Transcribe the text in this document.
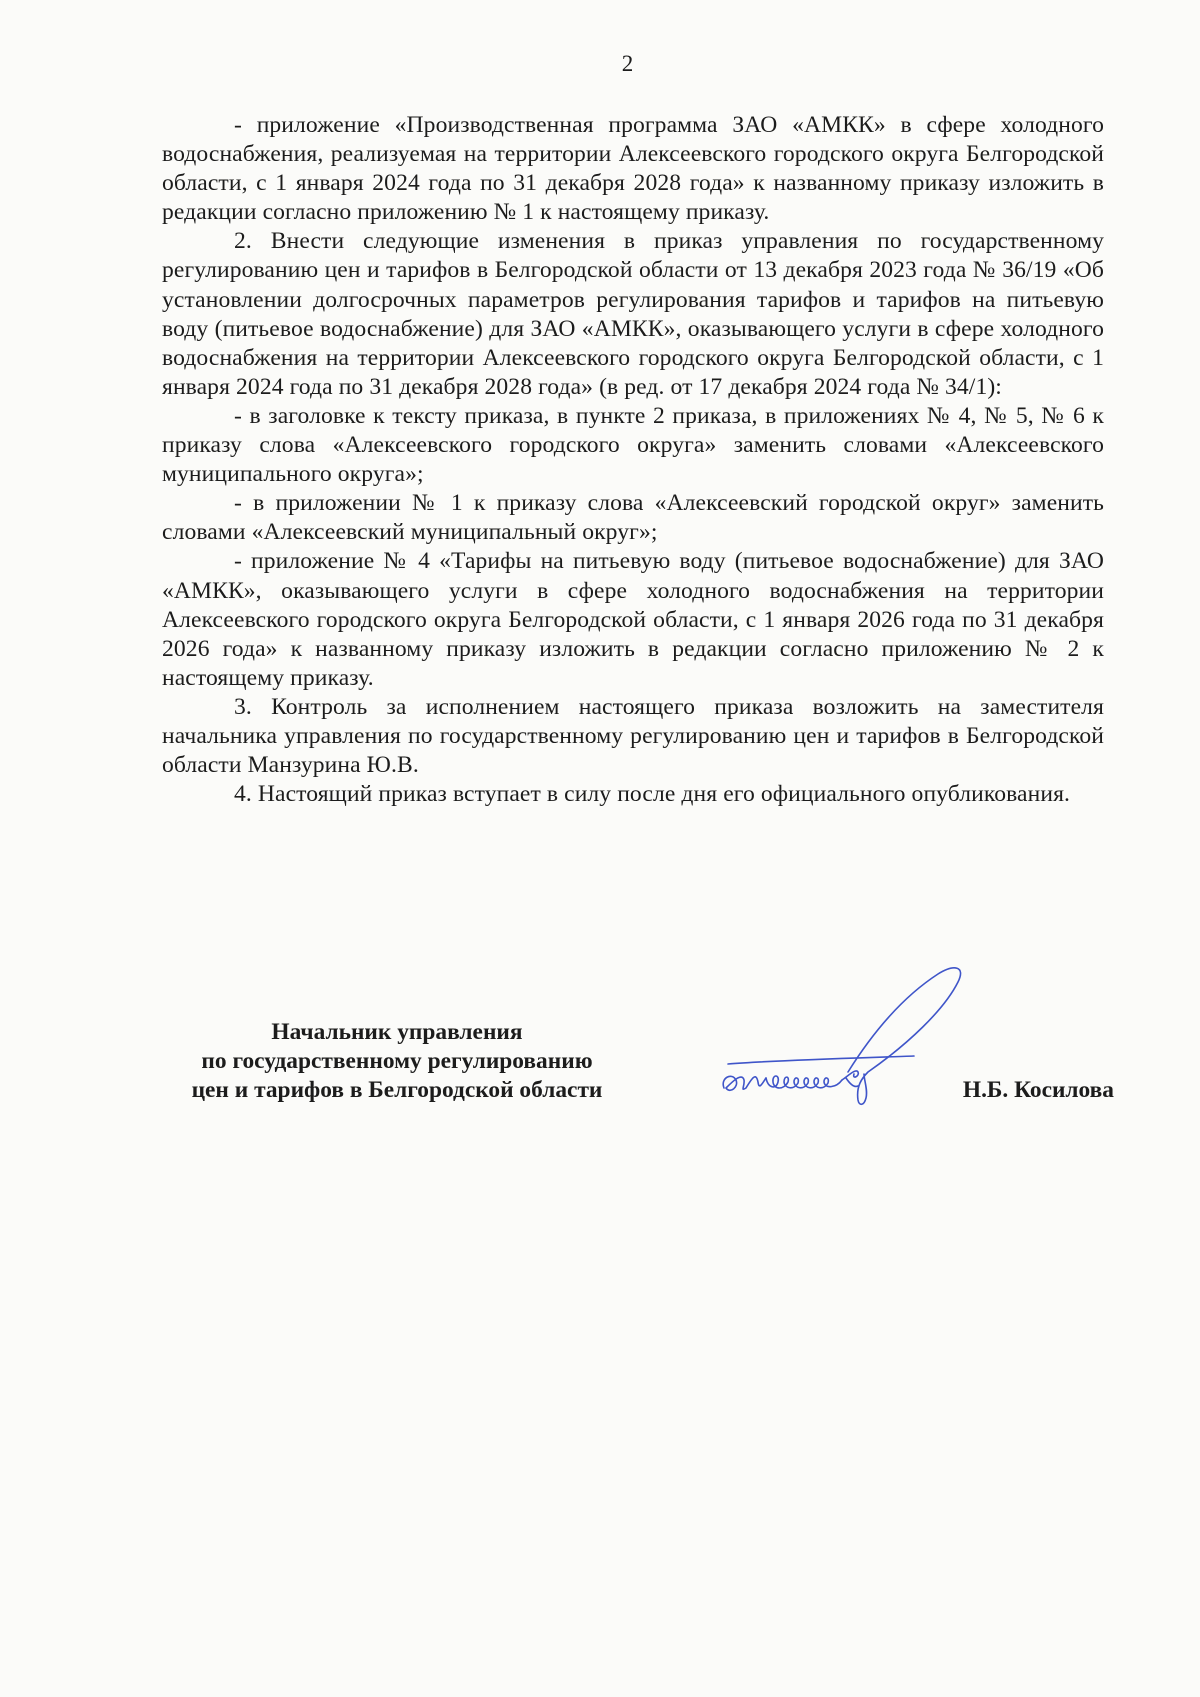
2

- приложение «Производственная программа ЗАО «АМКК» в сфере холодного водоснабжения, реализуемая на территории Алексеевского городского округа Белгородской области, с 1 января 2024 года по 31 декабря 2028 года» к названному приказу изложить в редакции согласно приложению № 1 к настоящему приказу.

2. Внести следующие изменения в приказ управления по государственному регулированию цен и тарифов в Белгородской области от 13 декабря 2023 года № 36/19 «Об установлении долгосрочных параметров регулирования тарифов и тарифов на питьевую воду (питьевое водоснабжение) для ЗАО «АМКК», оказывающего услуги в сфере холодного водоснабжения на территории Алексеевского городского округа Белгородской области, с 1 января 2024 года по 31 декабря 2028 года» (в ред. от 17 декабря 2024 года № 34/1):

- в заголовке к тексту приказа, в пункте 2 приказа, в приложениях № 4, № 5, № 6 к приказу слова «Алексеевского городского округа» заменить словами «Алексеевского муниципального округа»;

- в приложении № 1 к приказу слова «Алексеевский городской округ» заменить словами «Алексеевский муниципальный округ»;

- приложение № 4 «Тарифы на питьевую воду (питьевое водоснабжение) для ЗАО «АМКК», оказывающего услуги в сфере холодного водоснабжения на территории Алексеевского городского округа Белгородской области, с 1 января 2026 года по 31 декабря 2026 года» к названному приказу изложить в редакции согласно приложению № 2 к настоящему приказу.

3. Контроль за исполнением настоящего приказа возложить на заместителя начальника управления по государственному регулированию цен и тарифов в Белгородской области Манзурина Ю.В.

4. Настоящий приказ вступает в силу после дня его официального опубликования.

Начальник управления
по государственному регулированию
цен и тарифов в Белгородской области	Н.Б. Косилова
